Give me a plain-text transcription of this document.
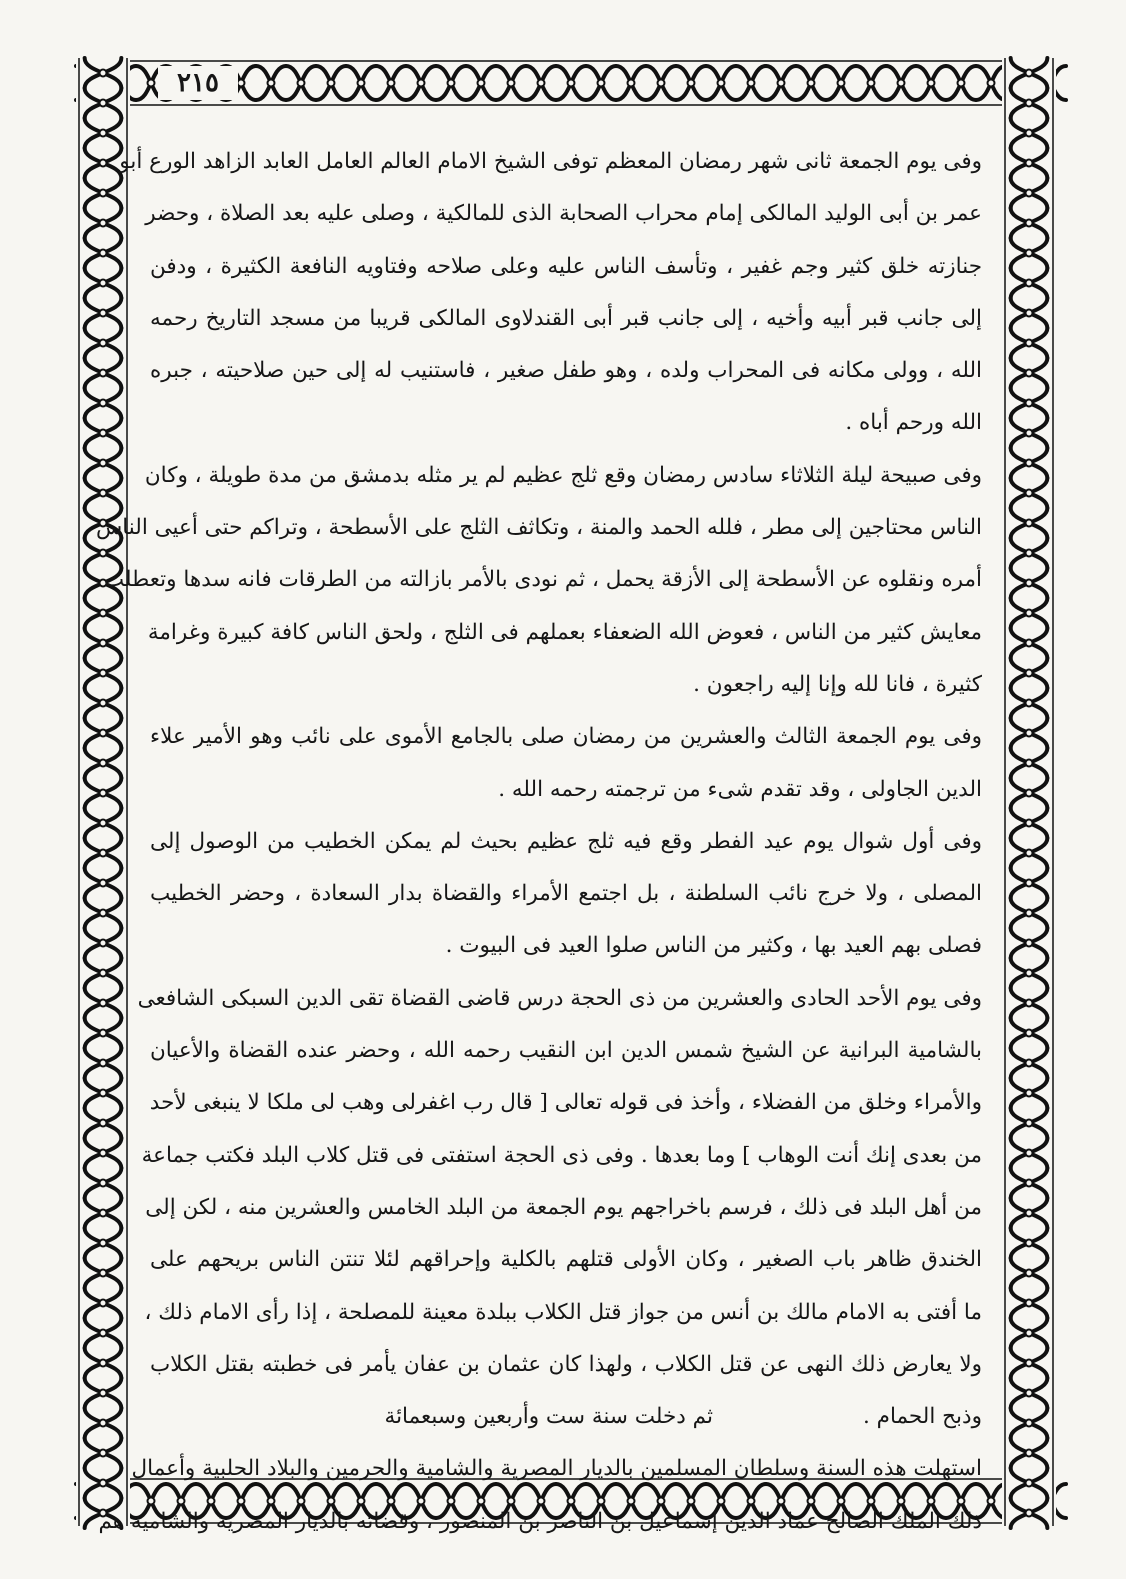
٢١٥
وفى يوم الجمعة ثانى شهر رمضان المعظم توفى الشيخ الامام العالم العامل العابد الزاهد الورع أبو
عمر بن أبى الوليد المالكى إمام محراب الصحابة الذى للمالكية ، وصلى عليه بعد الصلاة ، وحضر
جنازته خلق كثير وجم غفير ، وتأسف الناس عليه وعلى صلاحه وفتاويه النافعة الكثيرة ، ودفن
إلى جانب قبر أبيه وأخيه ، إلى جانب قبر أبى القندلاوى المالكى قريبا من مسجد التاريخ رحمه
الله ، وولى مكانه فى المحراب ولده ، وهو طفل صغير ، فاستنيب له إلى حين صلاحيته ، جبره
الله ورحم أباه .
وفى صبيحة ليلة الثلاثاء سادس رمضان وقع ثلج عظيم لم ير مثله بدمشق من مدة طويلة ، وكان
الناس محتاجين إلى مطر ، فلله الحمد والمنة ، وتكاثف الثلج على الأسطحة ، وتراكم حتى أعيى الناس
أمره ونقلوه عن الأسطحة إلى الأزقة يحمل ، ثم نودى بالأمر بازالته من الطرقات فانه سدها وتعطلت
معايش كثير من الناس ، فعوض الله الضعفاء بعملهم فى الثلج ، ولحق الناس كافة كبيرة وغرامة
كثيرة ، فانا لله وإنا إليه راجعون .
وفى يوم الجمعة الثالث والعشرين من رمضان صلى بالجامع الأموى على نائب وهو الأمير علاء
الدين الجاولى ، وقد تقدم شىء من ترجمته رحمه الله .
وفى أول شوال يوم عيد الفطر وقع فيه ثلج عظيم بحيث لم يمكن الخطيب من الوصول إلى
المصلى ، ولا خرج نائب السلطنة ، بل اجتمع الأمراء والقضاة بدار السعادة ، وحضر الخطيب
فصلى بهم العيد بها ، وكثير من الناس صلوا العيد فى البيوت .
وفى يوم الأحد الحادى والعشرين من ذى الحجة درس قاضى القضاة تقى الدين السبكى الشافعى
بالشامية البرانية عن الشيخ شمس الدين ابن النقيب رحمه الله ، وحضر عنده القضاة والأعيان
والأمراء وخلق من الفضلاء ، وأخذ فى قوله تعالى [ قال رب اغفرلى وهب لى ملكا لا ينبغى لأحد
من بعدى إنك أنت الوهاب ] وما بعدها . وفى ذى الحجة استفتى فى قتل كلاب البلد فكتب جماعة
من أهل البلد فى ذلك ، فرسم باخراجهم يوم الجمعة من البلد الخامس والعشرين منه ، لكن إلى
الخندق ظاهر باب الصغير ، وكان الأولى قتلهم بالكلية وإحراقهم لئلا تنتن الناس بريحهم على
ما أفتى به الامام مالك بن أنس من جواز قتل الكلاب ببلدة معينة للمصلحة ، إذا رأى الامام ذلك ،
ولا يعارض ذلك النهى عن قتل الكلاب ، ولهذا كان عثمان بن عفان يأمر فى خطبته بقتل الكلاب
وذبح الحمام .ثم دخلت سنة ست وأربعين وسبعمائة
استهلت هذه السنة وسلطان المسلمين بالديار المصرية والشامية والحرمين والبلاد الحلبية وأعمال
ذلك الملك الصالح عماد الدين إسماعيل بن الناصر بن المنصور ، وقضاته بالديار المصرية والشامية هم
